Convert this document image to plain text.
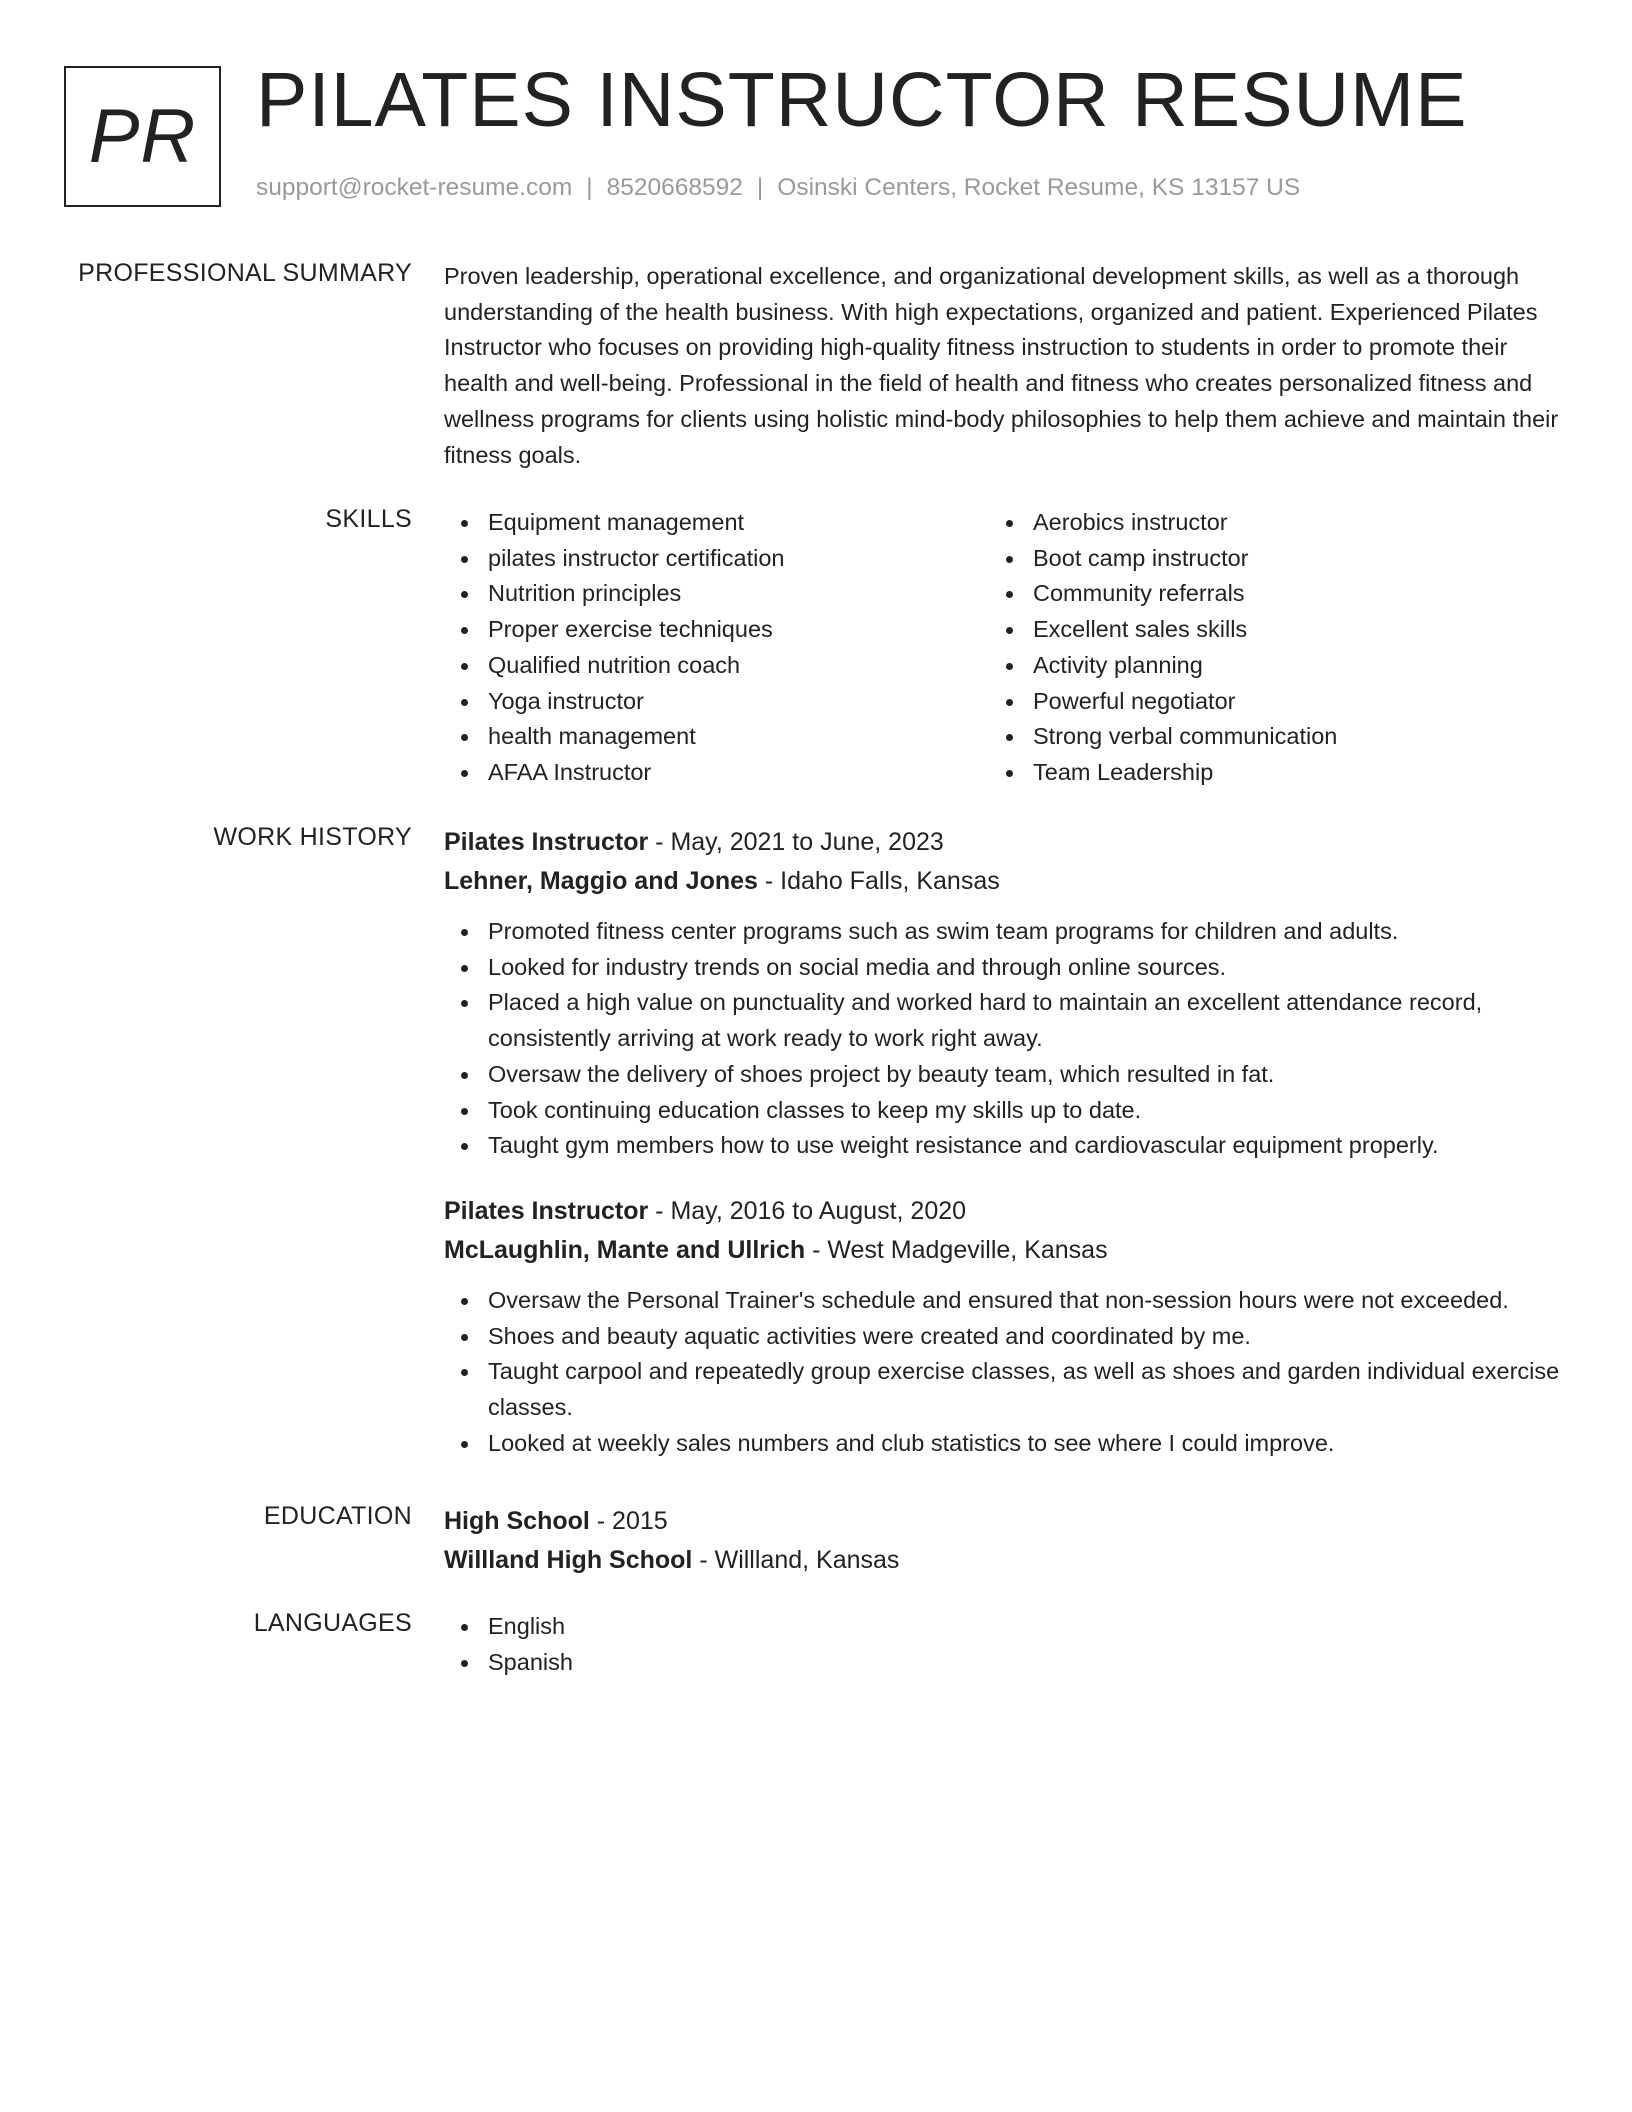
PR PILATES INSTRUCTOR RESUME
support@rocket-resume.com | 8520668592 | Osinski Centers, Rocket Resume, KS 13157 US
PROFESSIONAL SUMMARY Proven leadership, operational excellence, and organizational development skills, as well as a thorough understanding of the health business. With high expectations, organized and patient. Experienced Pilates Instructor who focuses on providing high-quality fitness instruction to students in order to promote their health and well-being. Professional in the field of health and fitness who creates personalized fitness and wellness programs for clients using holistic mind-body philosophies to help them achieve and maintain their fitness goals.

SKILLS	Equipment management
pilates instructor certification
Nutrition principles
Proper exercise techniques
Qualified nutrition coach
Yoga instructor
health management
AFAA Instructor
Aerobics instructor
Boot camp instructor
Community referrals
Excellent sales skills
Activity planning
Powerful negotiator
Strong verbal communication
Team Leadership
WORK HISTORY Pilates Instructor - May, 2021 to June, 2023
Lehner, Maggio and Jones - Idaho Falls, Kansas
Promoted fitness center programs such as swim team programs for children and adults.
Looked for industry trends on social media and through online sources.
Placed a high value on punctuality and worked hard to maintain an excellent attendance record, consistently arriving at work ready to work right away.
Oversaw the delivery of shoes project by beauty team, which resulted in fat.
Took continuing education classes to keep my skills up to date.
Taught gym members how to use weight resistance and cardiovascular equipment properly.
Pilates Instructor - May, 2016 to August, 2020
McLaughlin, Mante and Ullrich - West Madgeville, Kansas
Oversaw the Personal Trainer's schedule and ensured that non-session hours were not exceeded.
Shoes and beauty aquatic activities were created and coordinated by me.
Taught carpool and repeatedly group exercise classes, as well as shoes and garden individual exercise classes.
Looked at weekly sales numbers and club statistics to see where I could improve.
EDUCATION High School - 2015
Willland High School - Willland, Kansas
LANGUAGES	English
Spanish
